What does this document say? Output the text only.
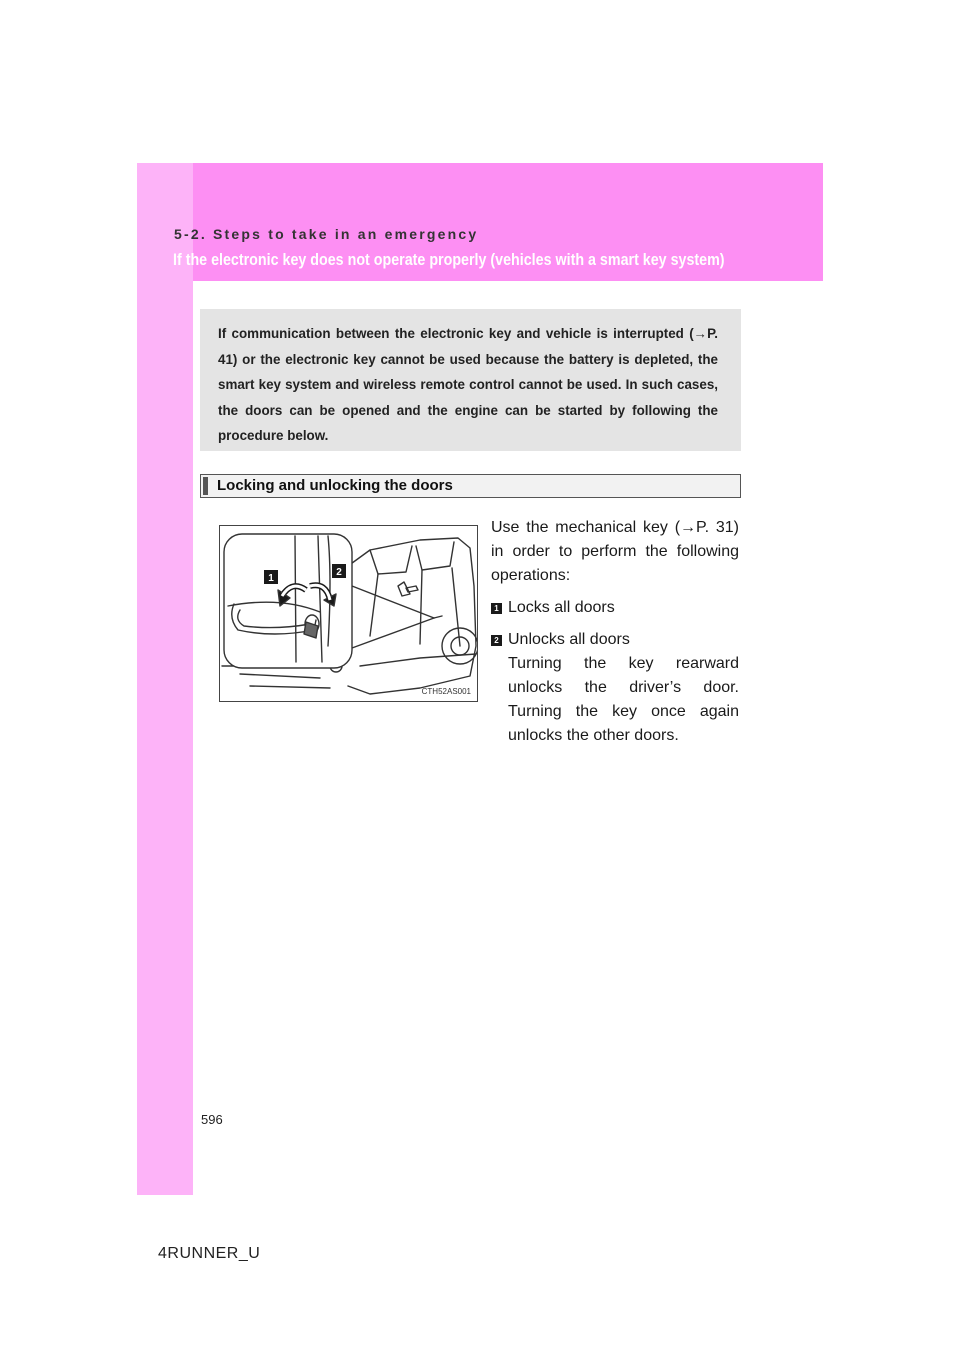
5-2. Steps to take in an emergency
If the electronic key does not operate properly (vehicles with a smart key system)

If communication between the electronic key and vehicle is interrupted (→P. 41) or the electronic key cannot be used because the battery is depleted, the smart key system and wireless remote control cannot be used. In such cases, the doors can be opened and the engine can be started by following the procedure below.

Locking and unlocking the doors
1
2
CTH52AS001

Use the mechanical key (→P. 31) in order to perform the following operations:

1 Locks all doors

2 Unlocks all doors

Turning the key rearward unlocks the driver’s door. Turning the key once again unlocks the other doors.

596
4RUNNER_U
